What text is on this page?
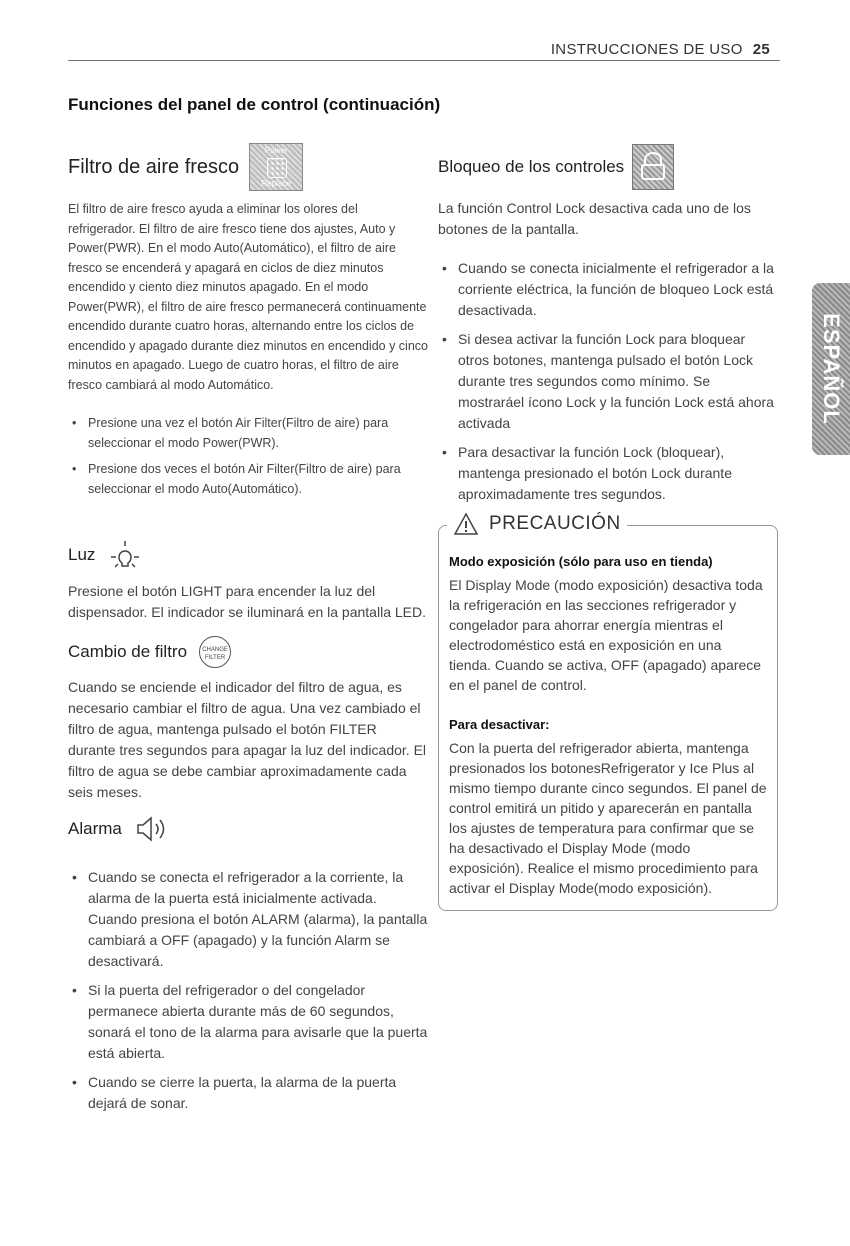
INSTRUCCIONES DE USO 25
Funciones del panel de control (continuación)
Filtro de aire fresco
Power
Replace

El filtro de aire fresco ayuda a eliminar los olores del refrigerador. El filtro de aire fresco tiene dos ajustes, Auto y Power(PWR). En el modo Auto(Automático), el filtro de aire fresco se encenderá y apagará en ciclos de diez minutos encendido y ciento diez minutos apagado. En el modo Power(PWR), el filtro de aire fresco permanecerá continuamente encendido durante cuatro horas, alternando entre los ciclos de encendido y apagado durante diez minutos en encendido y cinco minutos en apagado. Luego de cuatro horas, el filtro de aire fresco cambiará al modo Automático.

• Presione una vez el botón Air Filter(Filtro de aire) para seleccionar el modo Power(PWR).
• Presione dos veces el botón Air Filter(Filtro de aire) para seleccionar el modo Auto(Automático).
Luz

Presione el botón LIGHT para encender la luz del dispensador. El indicador se iluminará en la pantalla LED.

Cambio de filtro	CHANGE FILTER

Cuando se enciende el indicador del filtro de agua, es necesario cambiar el filtro de agua. Una vez cambiado el filtro de agua, mantenga pulsado el botón FILTER durante tres segundos para apagar la luz del indicador. El filtro de agua se debe cambiar aproximadamente cada seis meses.

Alarma
• Cuando se conecta el refrigerador a la corriente, la alarma de la puerta está inicialmente activada. Cuando presiona el botón ALARM (alarma), la pantalla cambiará a OFF (apagado) y la función Alarm se desactivará.
• Si la puerta del refrigerador o del congelador permanece abierta durante más de 60 segundos, sonará el tono de la alarma para avisarle que la puerta está abierta.
• Cuando se cierre la puerta, la alarma de la puerta dejará de sonar.
Bloqueo de los controles

La función Control Lock desactiva cada uno de los botones de la pantalla.

• Cuando se conecta inicialmente el refrigerador a la corriente eléctrica, la función de bloqueo Lock está desactivada.
• Si desea activar la función Lock para bloquear otros botones, mantenga pulsado el botón Lock durante tres segundos como mínimo. Se mostraráel ícono Lock y la función Lock está ahora activada
• Para desactivar la función Lock (bloquear), mantenga presionado el botón Lock durante aproximadamente tres segundos.
PRECAUCIÓN
Modo exposición (sólo para uso en tienda)

El Display Mode (modo exposición) desactiva toda la refrigeración en las secciones refrigerador y congelador para ahorrar energía mientras el electrodoméstico está en exposición en una tienda. Cuando se activa, OFF (apagado) aparece en el panel de control.

Para desactivar:

Con la puerta del refrigerador abierta, mantenga presionados los botonesRefrigerator y Ice Plus al mismo tiempo durante cinco segundos. El panel de control emitirá un pitido y aparecerán en pantalla los ajustes de temperatura para confirmar que se ha desactivado el Display Mode (modo exposición). Realice el mismo procedimiento para activar el Display Mode(modo exposición).

ESPAÑOL
